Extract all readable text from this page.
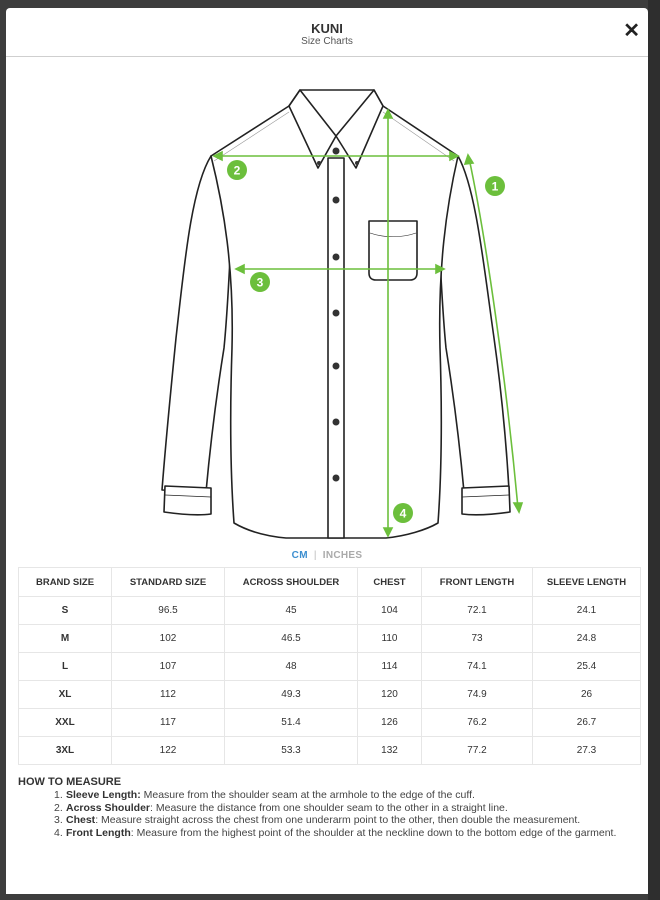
KUNI
Size Charts	✕
1
2
3
4
CM | INCHES
BRAND SIZE	STANDARD SIZE	ACROSS SHOULDER	CHEST	FRONT LENGTH	SLEEVE LENGTH
S	96.5	45	104	72.1	24.1
M	102	46.5	110	73	24.8
L	107	48	114	74.1	25.4
XL	112	49.3	120	74.9	26
XXL	117	51.4	126	76.2	26.7
3XL	122	53.3	132	77.2	27.3
HOW TO MEASURE
1. Sleeve Length: Measure from the shoulder seam at the armhole to the edge of the cuff.
2. Across Shoulder: Measure the distance from one shoulder seam to the other in a straight line.
3. Chest: Measure straight across the chest from one underarm point to the other, then double the measurement.
4. Front Length: Measure from the highest point of the shoulder at the neckline down to the bottom edge of the garment.
